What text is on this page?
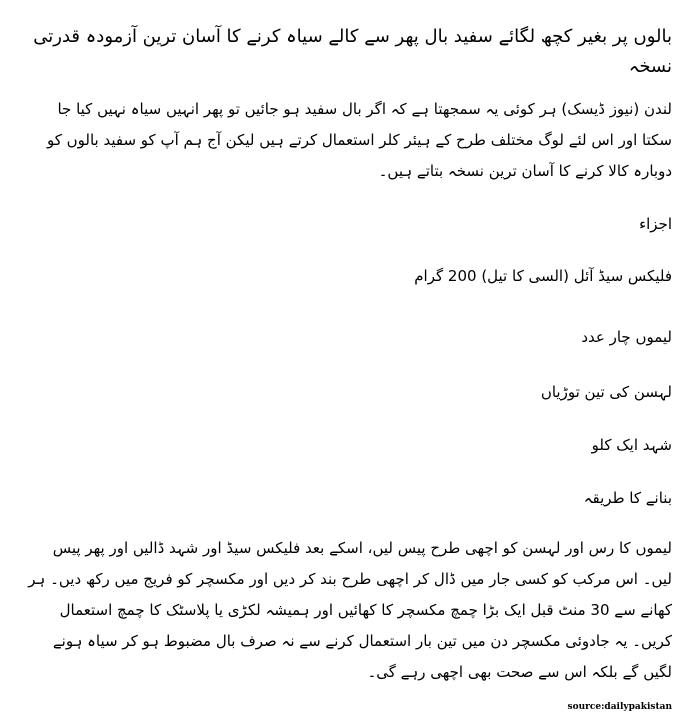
بالوں پر بغیر کچھ لگائے سفید بال پھر سے کالے سیاہ کرنے کا آسان ترین آزمودہ قدرتی نسخہ

لندن (نیوز ڈیسک) ہر کوئی یہ سمجھتا ہے کہ اگر بال سفید ہو جائیں تو پھر انہیں سیاہ نہیں کیا جا سکتا اور اس لئے لوگ مختلف طرح کے ہیئر کلر استعمال کرتے ہیں لیکن آج ہم آپ کو سفید بالوں کو دوبارہ کالا کرنے کا آسان ترین نسخہ بتاتے ہیں۔

اجزاء

فلیکس سیڈ آئل (السی کا تیل) 200 گرام
لیموں چار عدد
لہسن کی تین توڑیاں
شہد ایک کلو

بنانے کا طریقہ

لیموں کا رس اور لہسن کو اچھی طرح پیس لیں، اسکے بعد فلیکس سیڈ اور شہد ڈالیں اور پھر پیس لیں۔ اس مرکب کو کسی جار میں ڈال کر اچھی طرح بند کر دیں اور مکسچر کو فریج میں رکھ دیں۔ ہر کھانے سے 30 منٹ قبل ایک بڑا چمچ مکسچر کا کھائیں اور ہمیشہ لکڑی یا پلاسٹک کا چمچ استعمال کریں۔ یہ جادوئی مکسچر دن میں تین بار استعمال کرنے سے نہ صرف بال مضبوط ہو کر سیاہ ہونے لگیں گے بلکہ اس سے صحت بھی اچھی رہے گی۔

source:dailypakistan
